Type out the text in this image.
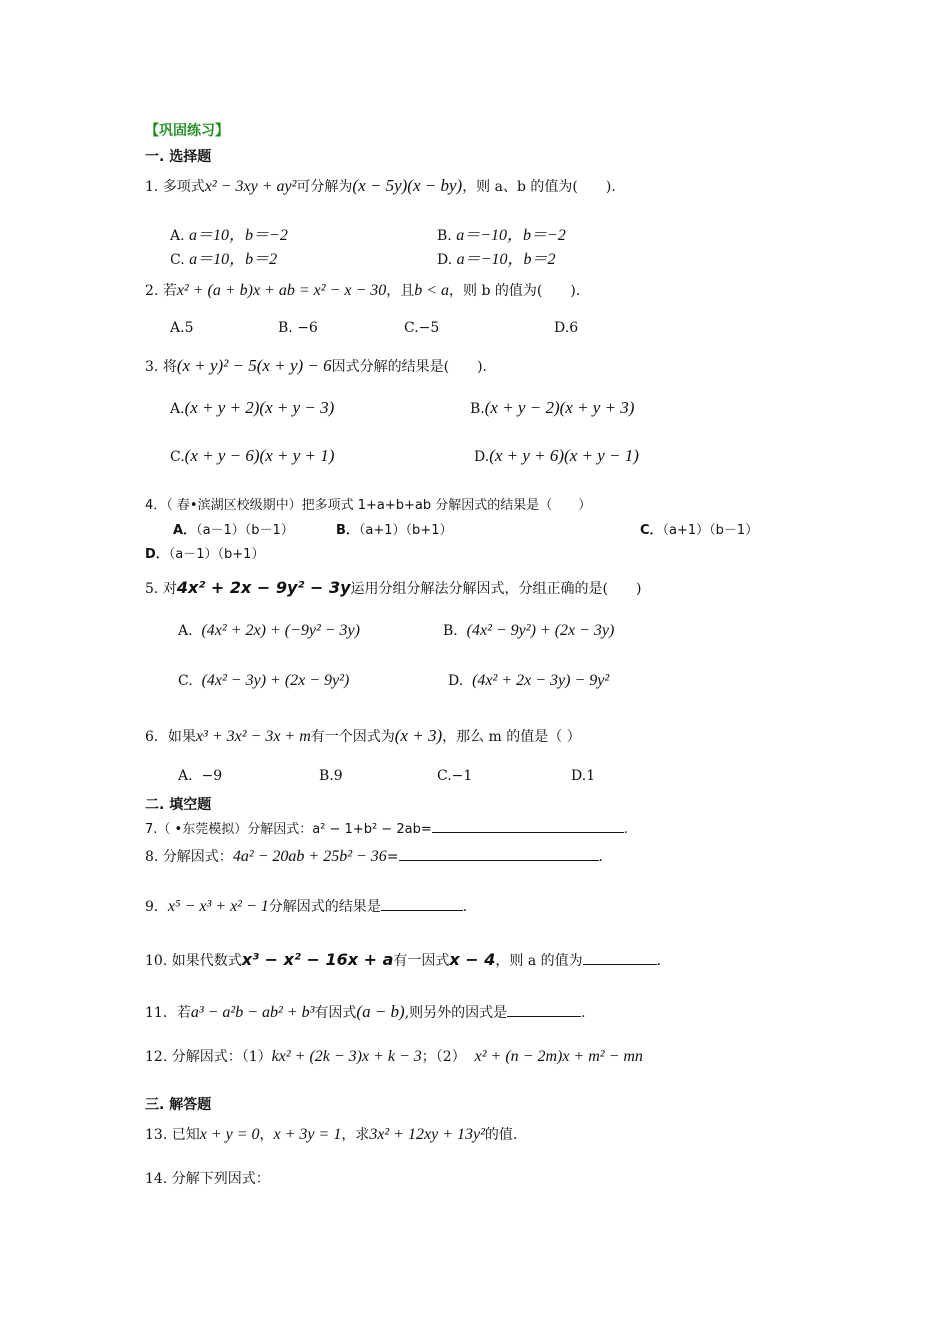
【巩固练习】
一. 选择题
1. 多项式x² − 3xy + ay²可分解为(x − 5y)(x − by)，则 a、b 的值为(　　).
A. a＝10，b＝−2	B. a＝−10，b＝−2
C. a＝10，b＝2	D. a＝−10，b＝2
2. 若x² + (a + b)x + ab = x² − x − 30，且b < a，则 b 的值为(　　).
A.5	B. −6	C.−5	D.6
3. 将(x + y)² − 5(x + y) − 6因式分解的结果是(　　).
A.(x + y + 2)(x + y − 3)	B.(x + y − 2)(x + y + 3)
C.(x + y − 6)(x + y + 1)	D.(x + y + 6)(x + y − 1)
4．（ 春•滨湖区校级期中）把多项式 1+a+b+ab 分解因式的结果是（　　）
A．（a－1）（b－1）	B．（a+1）（b+1）	C．（a+1）（b－1）
D．（a－1）（b+1）
5. 对4x² + 2x − 9y² − 3y运用分组分解法分解因式，分组正确的是(　　)
A. (4x² + 2x) + (−9y² − 3y)	B. (4x² − 9y²) + (2x − 3y)
C. (4x² − 3y) + (2x − 9y²)	D. (4x² + 2x − 3y) − 9y²
6．如果x³ + 3x² − 3x + m有一个因式为(x + 3)，那么 m 的值是（ ）
A. −9	B.9	C.−1	D.1
二. 填空题
7.（ •东莞模拟）分解因式：a² − 1+b² − 2ab=	.
8. 分解因式：4a² − 20ab + 25b² − 36=	.
9．x⁵ − x³ + x² − 1分解因式的结果是	.
10. 如果代数式x³ − x² − 16x + a有一因式x − 4，则 a 的值为	.
11．若a³ − a²b − ab² + b³有因式(a − b),则另外的因式是	.
12. 分解因式：（1）kx² + (2k − 3)x + k − 3；（2） x² + (n − 2m)x + m² − mn
三. 解答题
13. 已知x + y = 0，x + 3y = 1，求3x² + 12xy + 13y²的值.
14. 分解下列因式：
